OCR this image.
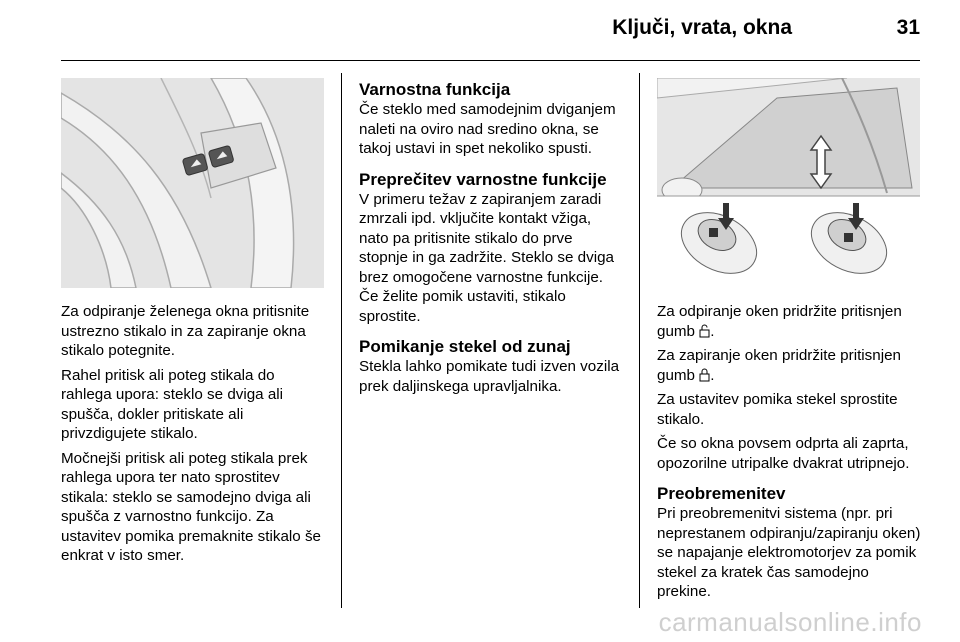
Ključi, vrata, okna	31

Za odpiranje želenega okna pritisnite ustrezno stikalo in za zapiranje okna stikalo potegnite.

Rahel pritisk ali poteg stikala do rahlega upora: steklo se dviga ali spušča, dokler pritiskate ali privzdigujete stikalo.

Močnejši pritisk ali poteg stikala prek rahlega upora ter nato sprostitev stikala: steklo se samodejno dviga ali spušča z varnostno funkcijo. Za ustavitev pomika premaknite stikalo še enkrat v isto smer.

Varnostna funkcija

Če steklo med samodejnim dviganjem naleti na oviro nad sredino okna, se takoj ustavi in spet nekoliko spusti.

Preprečitev varnostne funkcije

V primeru težav z zapiranjem zaradi zmrzali ipd. vključite kontakt vžiga, nato pa pritisnite stikalo do prve stopnje in ga zadržite. Steklo se dviga brez omogočene varnostne funkcije. Če želite pomik ustaviti, stikalo sprostite.

Pomikanje stekel od zunaj

Stekla lahko pomikate tudi izven vozila prek daljinskega upravljalnika.

Za odpiranje oken pridržite pritisnjen gumb .

Za zapiranje oken pridržite pritisnjen gumb .

Za ustavitev pomika stekel sprostite stikalo.

Če so okna povsem odprta ali zaprta, opozorilne utripalke dvakrat utripnejo.

Preobremenitev

Pri preobremenitvi sistema (npr. pri neprestanem odpiranju/zapiranju oken) se napajanje elektromotorjev za pomik stekel za kratek čas samodejno prekine.

carmanualsonline.info
